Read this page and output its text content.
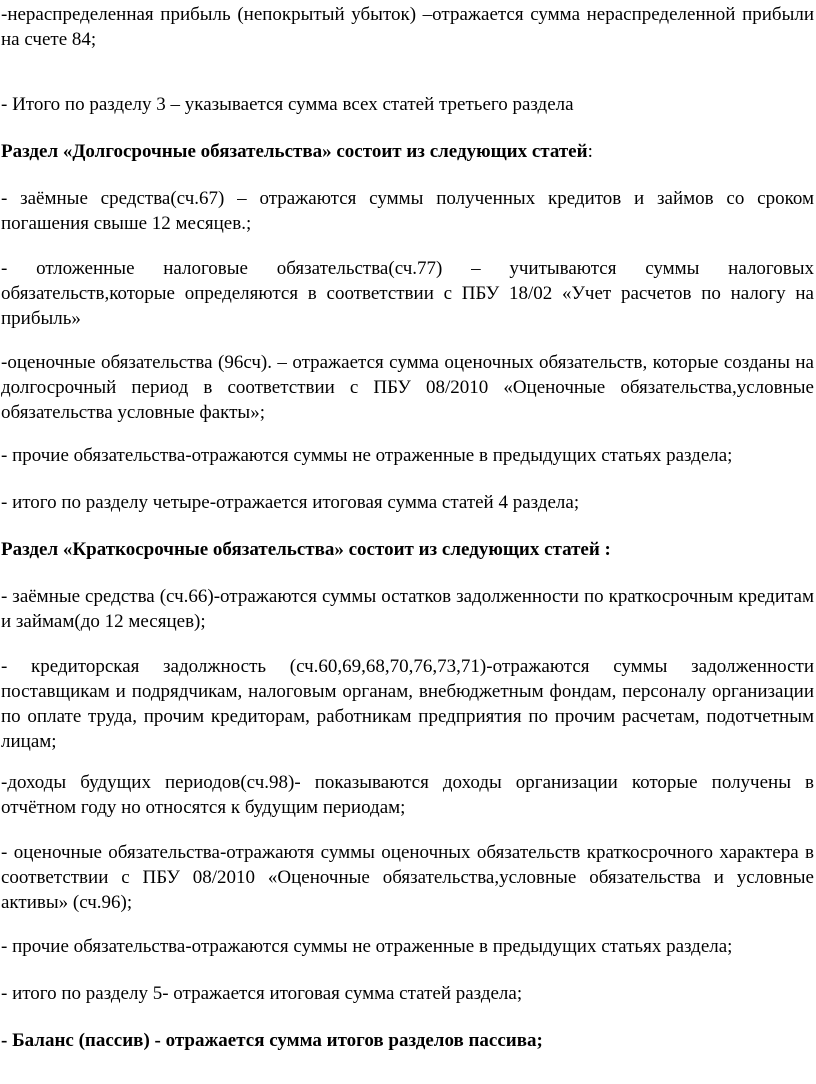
-нераспределенная прибыль (непокрытый убыток) –отражается сумма нераспределенной прибыли на счете 84;

- Итого по разделу 3 – указывается сумма всех статей третьего раздела

Раздел «Долгосрочные обязательства» состоит из следующих статей:

- заёмные средства(сч.67) – отражаются суммы полученных кредитов и займов со сроком погашения свыше 12 месяцев.;

- отложенные налоговые обязательства(сч.77) – учитываются суммы налоговых обязательств,которые определяются в соответствии с ПБУ 18/02 «Учет расчетов по налогу на прибыль»

-оценочные обязательства (96сч). – отражается сумма оценочных обязательств, которые созданы на долгосрочный период в соответствии с ПБУ 08/2010 «Оценочные обязательства,условные обязательства условные факты»;

- прочие обязательства-отражаются суммы не отраженные в предыдущих статьях раздела;

- итого по разделу четыре-отражается итоговая сумма статей 4 раздела;

Раздел «Краткосрочные обязательства» состоит из следующих статей :

- заёмные средства (сч.66)-отражаются суммы остатков задолженности по краткосрочным кредитам и займам(до 12 месяцев);

- кредиторская задолжность (сч.60,69,68,70,76,73,71)-отражаются суммы задолженности поставщикам и подрядчикам, налоговым органам, внебюджетным фондам, персоналу организации по оплате труда, прочим кредиторам, работникам предприятия по прочим расчетам, подотчетным лицам;

-доходы будущих периодов(сч.98)- показываются доходы организации которые получены в отчётном году но относятся к будущим периодам;

- оценочные обязательства-отражаютя суммы оценочных обязательств краткосрочного характера в соответствии с ПБУ 08/2010 «Оценочные обязательства,условные обязательства и условные активы» (сч.96);

- прочие обязательства-отражаются суммы не отраженные в предыдущих статьях раздела;

- итого по разделу 5- отражается итоговая сумма статей раздела;

- Баланс (пассив) - отражается сумма итогов разделов пассива;
